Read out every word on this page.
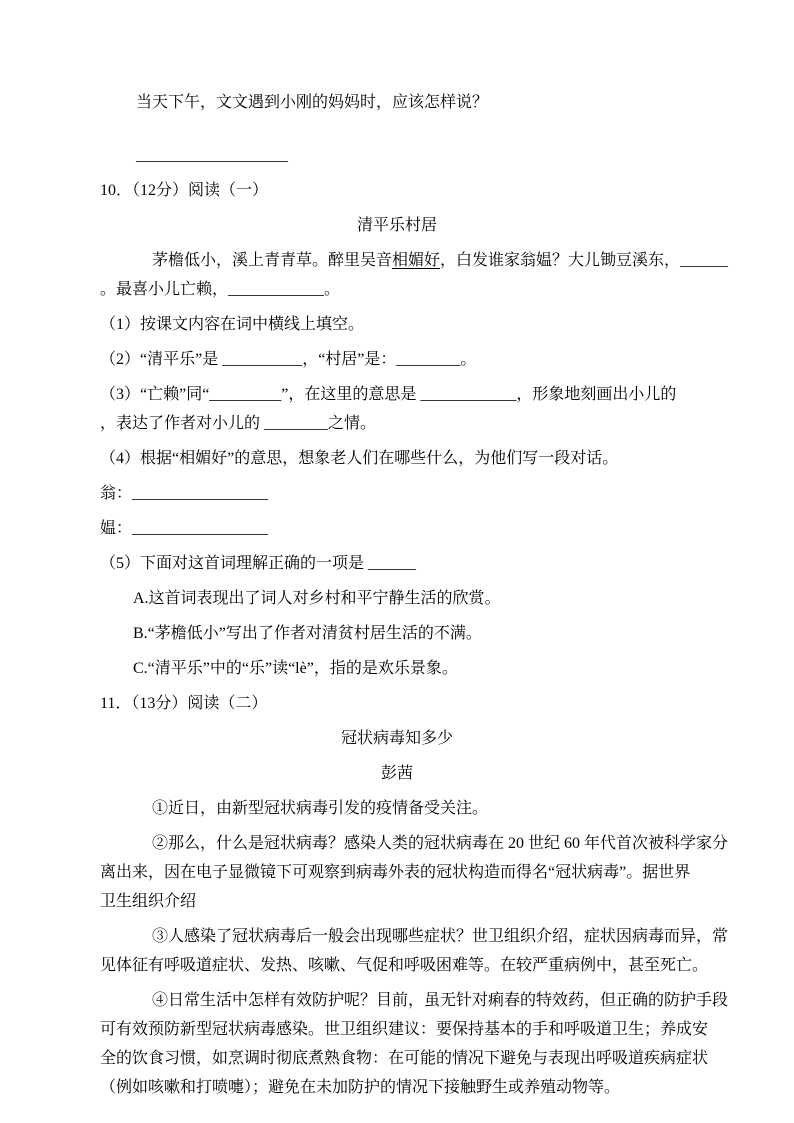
当天下午，文文遇到小刚的妈妈时，应该怎样说？
___________________
10．（12分）阅读（一）
清平乐村居
茅檐低小，溪上青青草。醉里吴音相媚好，白发谁家翁媪？大儿锄豆溪东，______
。最喜小儿亡赖，____________。
（1）按课文内容在词中横线上填空。
（2）“清平乐”是 __________，“村居”是：________。
（3）“亡赖”同“_________”，在这里的意思是 ____________，形象地刻画出小儿的
，表达了作者对小儿的 ________之情。
（4）根据“相媚好”的意思，想象老人们在哪些什么，为他们写一段对话。
翁：_________________
媪：_________________
（5）下面对这首词理解正确的一项是 ______
A.这首词表现出了词人对乡村和平宁静生活的欣赏。
B.“茅檐低小”写出了作者对清贫村居生活的不满。
C.“清平乐”中的“乐”读“lè”，指的是欢乐景象。
11．（13分）阅读（二）
冠状病毒知多少
彭茜
①近日，由新型冠状病毒引发的疫情备受关注。
②那么，什么是冠状病毒？感染人类的冠状病毒在 20 世纪 60 年代首次被科学家分
离出来，因在电子显微镜下可观察到病毒外表的冠状构造而得名“冠状病毒”。据世界
卫生组织介绍
③人感染了冠状病毒后一般会出现哪些症状？世卫组织介绍，症状因病毒而异，常
见体征有呼吸道症状、发热、咳嗽、气促和呼吸困难等。在较严重病例中，甚至死亡。
④日常生活中怎样有效防护呢？目前，虽无针对痢春的特效药，但正确的防护手段
可有效预防新型冠状病毒感染。世卫组织建议：要保持基本的手和呼吸道卫生；养成安
全的饮食习惯，如烹调时彻底煮熟食物：在可能的情况下避免与表现出呼吸道疾病症状
（例如咳嗽和打喷嚏）；避免在未加防护的情况下接触野生或养殖动物等。
